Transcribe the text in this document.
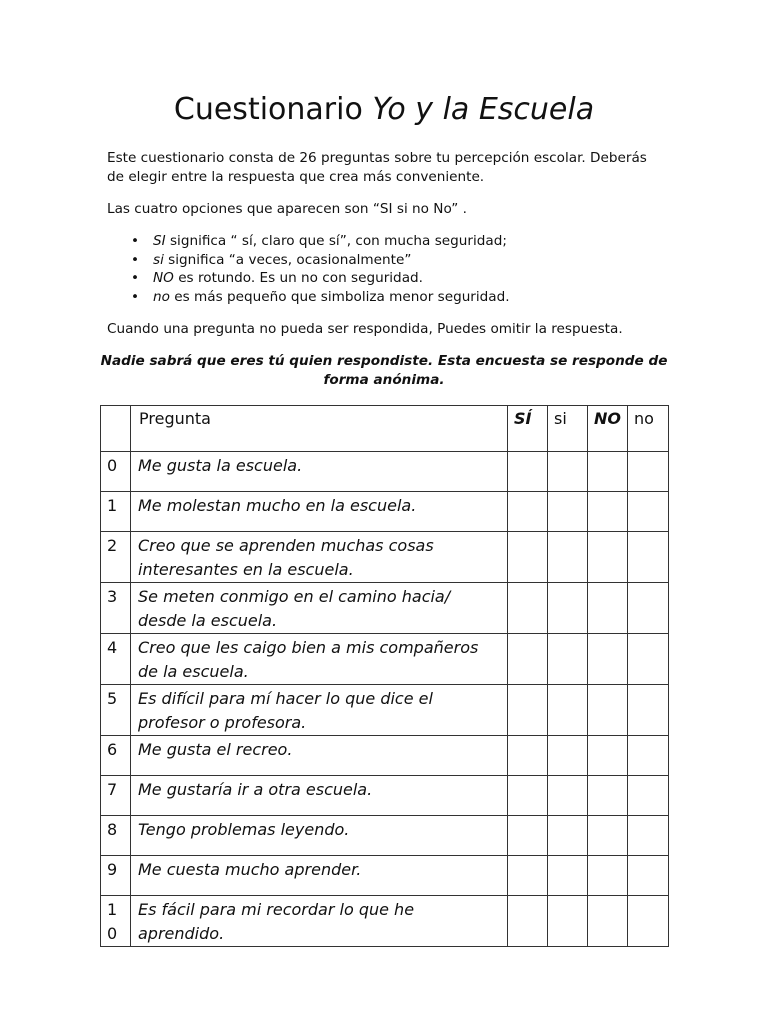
Cuestionario Yo y la Escuela

Este cuestionario consta de 26 preguntas sobre tu percepción escolar. Deberás de elegir entre la respuesta que crea más conveniente.

Las cuatro opciones que aparecen son “SI si no No” .

• SI significa “ sí, claro que sí”, con mucha seguridad;
• si significa “a veces, ocasionalmente”
• NO es rotundo. Es un no con seguridad.
• no es más pequeño que simboliza menor seguridad.

Cuando una pregunta no pueda ser respondida, Puedes omitir la respuesta.

Nadie sabrá que eres tú quien respondiste. Esta encuesta se responde de forma anónima.

	Pregunta	SÍ	si	NO	no
0	Me gusta la escuela.				
1	Me molestan mucho en la escuela.				
2	Creo que se aprenden muchas cosas interesantes en la escuela.				
3	Se meten conmigo en el camino hacia/ desde la escuela.				
4	Creo que les caigo bien a mis compañeros de la escuela.				
5	Es difícil para mí hacer lo que dice el profesor o profesora.				
6	Me gusta el recreo.				
7	Me gustaría ir a otra escuela.				
8	Tengo problemas leyendo.				
9	Me cuesta mucho aprender.				
10	Es fácil para mi recordar lo que he aprendido.				
